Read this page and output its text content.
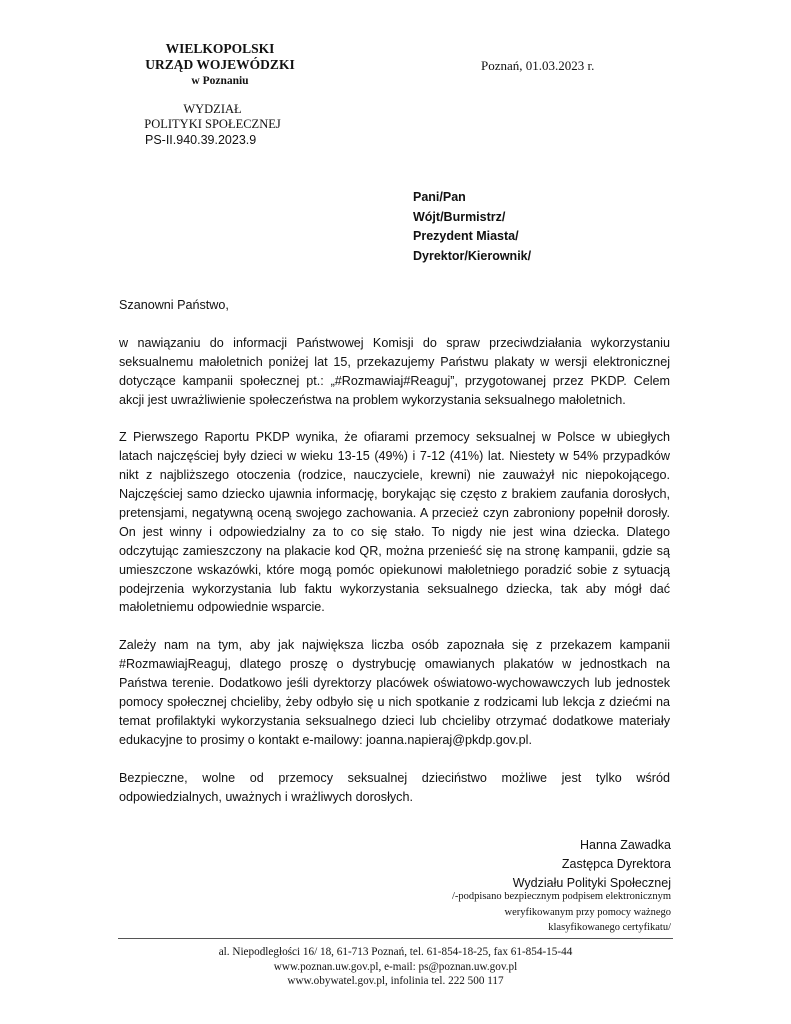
WIELKOPOLSKI
URZĄD WOJEWÓDZKI
w Poznaniu
WYDZIAŁ
POLITYKI SPOŁECZNEJ
PS-II.940.39.2023.9
Poznań, 01.03.2023 r.
Pani/Pan
Wójt/Burmistrz/
Prezydent Miasta/
Dyrektor/Kierownik/

Szanowni Państwo,

w nawiązaniu do informacji Państwowej Komisji do spraw przeciwdziałania wykorzystaniu seksualnemu małoletnich poniżej lat 15, przekazujemy Państwu plakaty w wersji elektronicznej dotyczące kampanii społecznej pt.: „#Rozmawiaj#Reaguj”, przygotowanej przez PKDP. Celem akcji jest uwrażliwienie społeczeństwa na problem wykorzystania seksualnego małoletnich.

Z Pierwszego Raportu PKDP wynika, że ofiarami przemocy seksualnej w Polsce w ubiegłych latach najczęściej były dzieci w wieku 13-15 (49%) i 7-12 (41%) lat. Niestety w 54% przypadków nikt z najbliższego otoczenia (rodzice, nauczyciele, krewni) nie zauważył nic niepokojącego. Najczęściej samo dziecko ujawnia informację, borykając się często z brakiem zaufania dorosłych, pretensjami, negatywną oceną swojego zachowania. A przecież czyn zabroniony popełnił dorosły. On jest winny i odpowiedzialny za to co się stało. To nigdy nie jest wina dziecka. Dlatego odczytując zamieszczony na plakacie kod QR, można przenieść się na stronę kampanii, gdzie są umieszczone wskazówki, które mogą pomóc opiekunowi małoletniego poradzić sobie z sytuacją podejrzenia wykorzystania lub faktu wykorzystania seksualnego dziecka, tak aby mógł dać małoletniemu odpowiednie wsparcie.

Zależy nam na tym, aby jak największa liczba osób zapoznała się z przekazem kampanii #RozmawiajReaguj, dlatego proszę o dystrybucję omawianych plakatów w jednostkach na Państwa terenie. Dodatkowo jeśli dyrektorzy placówek oświatowo-wychowawczych lub jednostek pomocy społecznej chcieliby, żeby odbyło się u nich spotkanie z rodzicami lub lekcja z dziećmi na temat profilaktyki wykorzystania seksualnego dzieci lub chcieliby otrzymać dodatkowe materiały edukacyjne to prosimy o kontakt e-mailowy: joanna.napieraj@pkdp.gov.pl.

Bezpieczne, wolne od przemocy seksualnej dzieciństwo możliwe jest tylko wśród odpowiedzialnych, uważnych i wrażliwych dorosłych.

Hanna Zawadka
Zastępca Dyrektora
Wydziału Polityki Społecznej
/-podpisano bezpiecznym podpisem elektronicznym
weryfikowanym przy pomocy ważnego
klasyfikowanego certyfikatu/
al. Niepodległości 16/ 18, 61-713 Poznań, tel. 61-854-18-25, fax 61-854-15-44
www.poznan.uw.gov.pl, e-mail: ps@poznan.uw.gov.pl
www.obywatel.gov.pl, infolinia tel. 222 500 117
